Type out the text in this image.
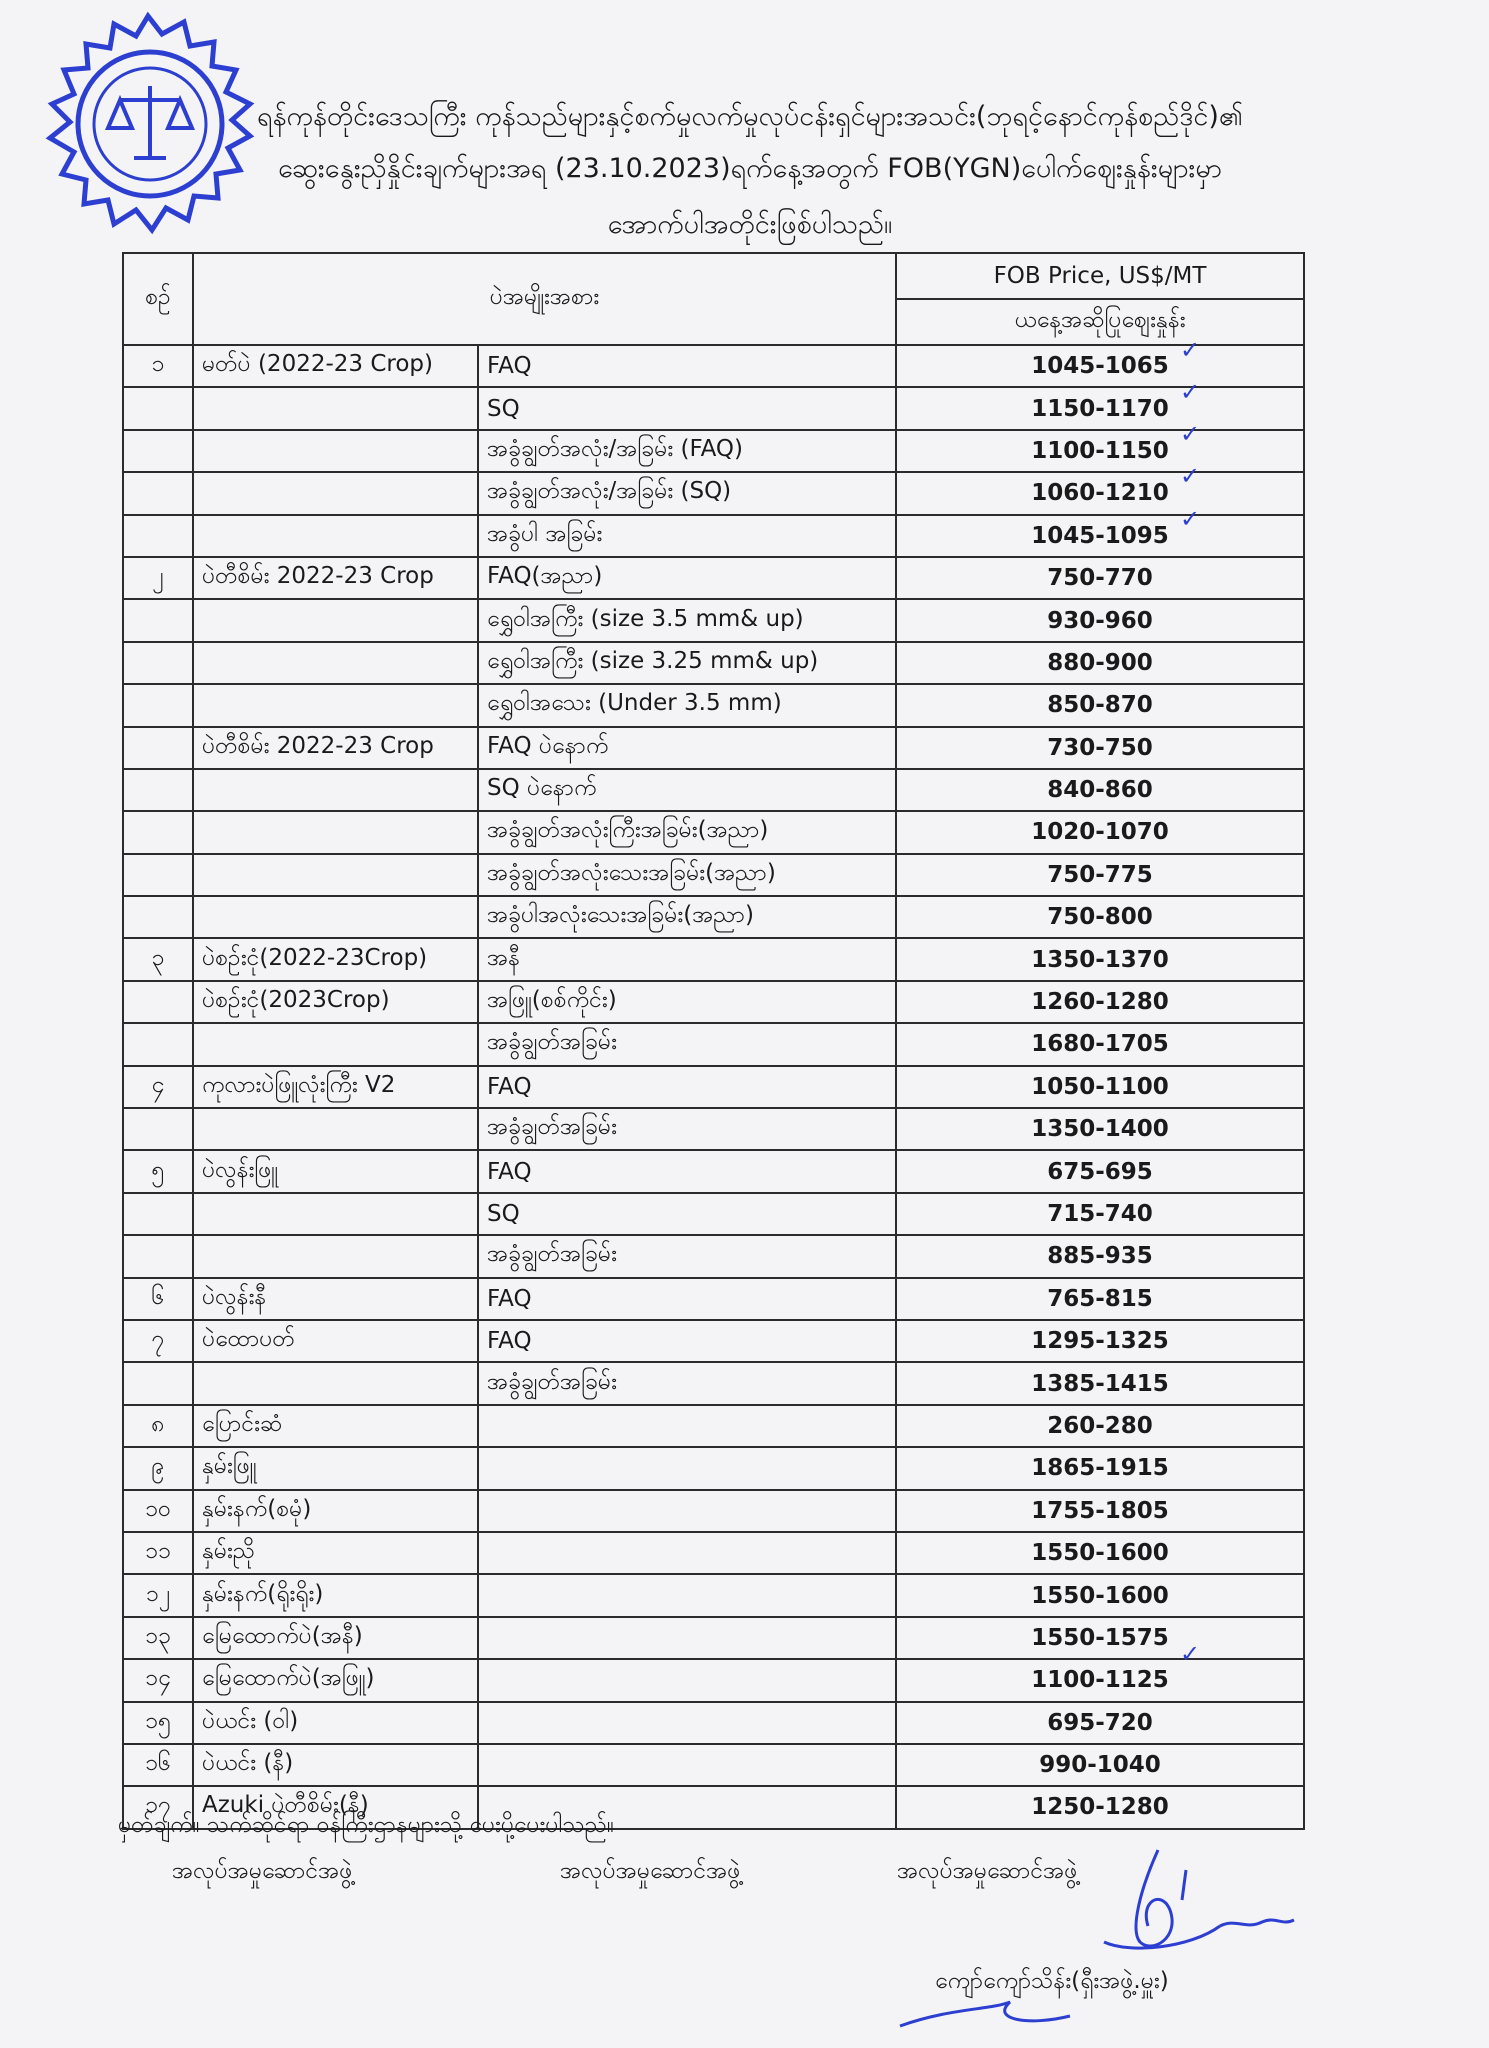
ရန်ကုန်တိုင်းဒေသကြီး ကုန်သည်များနှင့်စက်မှုလက်မှုလုပ်ငန်းရှင်များအသင်း(ဘုရင့်နောင်ကုန်စည်ဒိုင်)၏
ဆွေးနွေးညှိနှိုင်းချက်များအရ (23.10.2023)ရက်နေ့အတွက် FOB(YGN)ပေါက်ဈေးနှုန်းများမှာ
အောက်ပါအတိုင်းဖြစ်ပါသည်။
စဉ်	ပဲအမျိုးအစား		FOB Price, US$/MT
			ယနေ့အဆိုပြုဈေးနှုန်း
၁	မတ်ပဲ (2022-23 Crop)	FAQ	1045-1065
		SQ	1150-1170
		အခွံချွတ်အလုံး/အခြမ်း (FAQ)	1100-1150
		အခွံချွတ်အလုံး/အခြမ်း (SQ)	1060-1210
		အခွံပါ အခြမ်း	1045-1095
၂	ပဲတီစိမ်း 2022-23 Crop	FAQ(အညာ)	750-770
		ရွှေဝါအကြီး (size 3.5 mm& up)	930-960
		ရွှေဝါအကြီး (size 3.25 mm& up)	880-900
		ရွှေဝါအသေး (Under 3.5 mm)	850-870
	ပဲတီစိမ်း 2022-23 Crop	FAQ ပဲနောက်	730-750
		SQ ပဲနောက်	840-860
		အခွံချွတ်အလုံးကြီးအခြမ်း(အညာ)	1020-1070
		အခွံချွတ်အလုံးသေးအခြမ်း(အညာ)	750-775
		အခွံပါအလုံးသေးအခြမ်း(အညာ)	750-800
၃	ပဲစဉ်းငုံ(2022-23Crop)	အနီ	1350-1370
	ပဲစဉ်းငုံ(2023Crop)	အဖြူ(စစ်ကိုင်း)	1260-1280
		အခွံချွတ်အခြမ်း	1680-1705
၄	ကုလားပဲဖြူလုံးကြီး V2	FAQ	1050-1100
		အခွံချွတ်အခြမ်း	1350-1400
၅	ပဲလွန်းဖြူ	FAQ	675-695
		SQ	715-740
		အခွံချွတ်အခြမ်း	885-935
၆	ပဲလွန်းနီ	FAQ	765-815
၇	ပဲထောပတ်	FAQ	1295-1325
		အခွံချွတ်အခြမ်း	1385-1415
၈	ပြောင်းဆံ		260-280
၉	နှမ်းဖြူ		1865-1915
၁၀	နှမ်းနက်(စမုံ)		1755-1805
၁၁	နှမ်းညို		1550-1600
၁၂	နှမ်းနက်(ရိုးရိုး)		1550-1600
၁၃	မြေထောက်ပဲ(အနီ)		1550-1575
၁၄	မြေထောက်ပဲ(အဖြူ)		1100-1125
၁၅	ပဲယင်း (ဝါ)		695-720
၁၆	ပဲယင်း (နီ)		990-1040
၁၇	Azuki ပဲတီစိမ်း(နီ)		1250-1280
✓
✓
✓
✓
✓
✓
မှတ်ချက်။ သက်ဆိုင်ရာ ဝန်ကြီးဌာနများသို့ ပေးပို့ပေးပါသည်။
အလုပ်အမှုဆောင်အဖွဲ့	အလုပ်အမှုဆောင်အဖွဲ့	အလုပ်အမှုဆောင်အဖွဲ့
ကျော်ကျော်သိန်း(ရှီးအဖွဲ့.မှူး)
